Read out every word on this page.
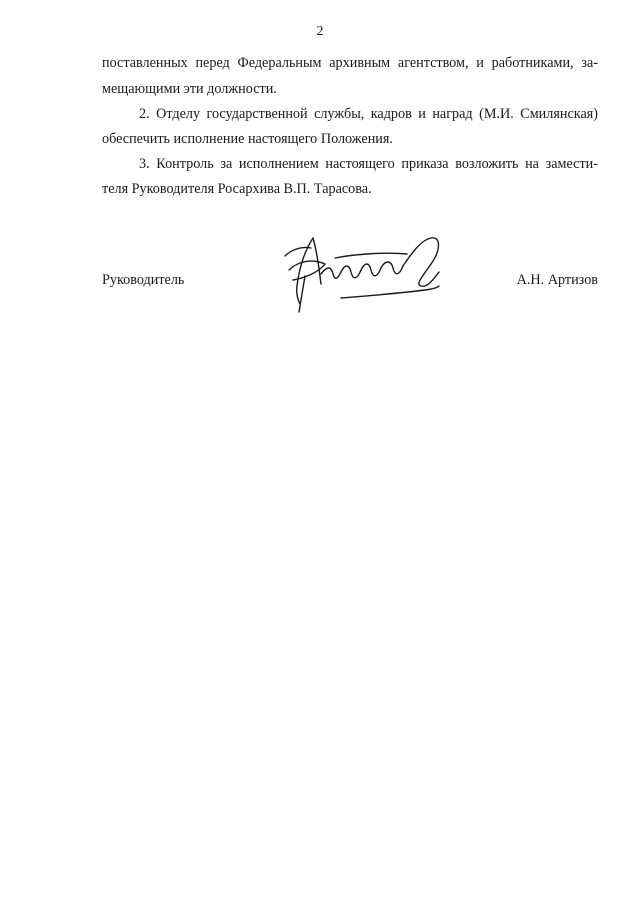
2
поставленных перед Федеральным архивным агентством, и работниками, за-
мещающими эти должности.
2. Отделу государственной службы, кадров и наград (М.И. Смилянская)
обеспечить исполнение настоящего Положения.
3. Контроль за исполнением настоящего приказа возложить на замести-
теля Руководителя Росархива В.П. Тарасова.
Руководитель	А.Н. Артизов
